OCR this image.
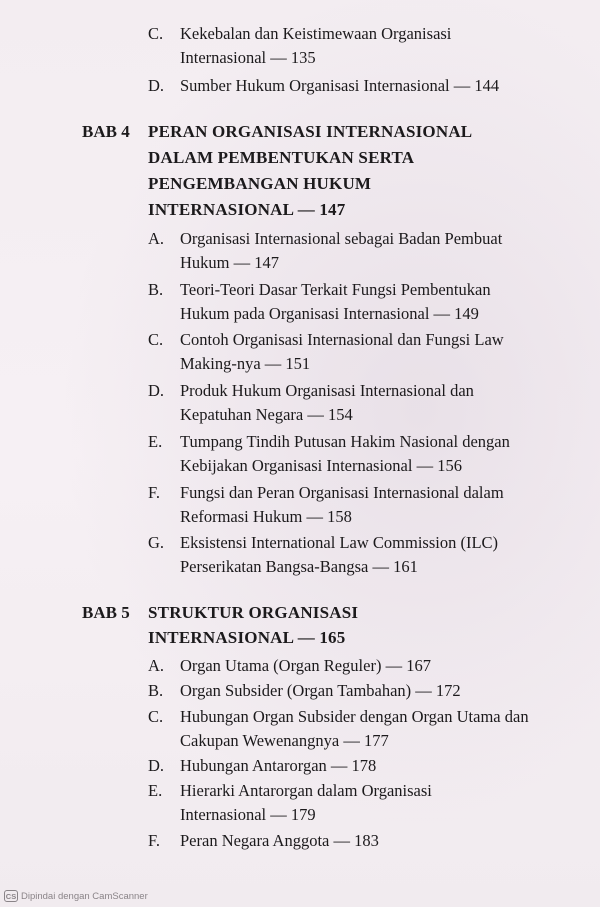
C. Kekebalan dan Keistimewaan Organisasi
Internasional — 135
D. Sumber Hukum Organisasi Internasional — 144
BAB 4 PERAN ORGANISASI INTERNASIONAL
DALAM PEMBENTUKAN SERTA
PENGEMBANGAN HUKUM
INTERNASIONAL — 147
A. Organisasi Internasional sebagai Badan Pembuat
Hukum — 147
B. Teori-Teori Dasar Terkait Fungsi Pembentukan
Hukum pada Organisasi Internasional — 149
C. Contoh Organisasi Internasional dan Fungsi Law
Making-nya — 151
D. Produk Hukum Organisasi Internasional dan
Kepatuhan Negara — 154
E. Tumpang Tindih Putusan Hakim Nasional dengan
Kebijakan Organisasi Internasional — 156
F. Fungsi dan Peran Organisasi Internasional dalam
Reformasi Hukum — 158
G. Eksistensi International Law Commission (ILC)
Perserikatan Bangsa-Bangsa — 161
BAB 5 STRUKTUR ORGANISASI
INTERNASIONAL — 165
A. Organ Utama (Organ Reguler) — 167
B. Organ Subsider (Organ Tambahan) — 172
C. Hubungan Organ Subsider dengan Organ Utama dan
Cakupan Wewenangnya — 177
D. Hubungan Antarorgan — 178
E. Hierarki Antarorgan dalam Organisasi
Internasional — 179
F. Peran Negara Anggota — 183
CS Dipindai dengan CamScanner
